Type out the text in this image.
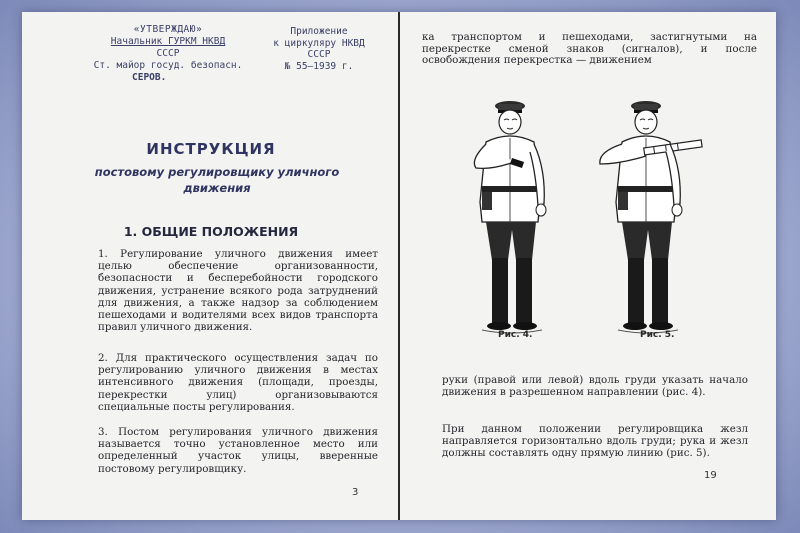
«УТВЕРЖДАЮ»
Начальник ГУРКМ НКВД
СССР
Ст. майор госуд. безопасн.
СЕРОВ.
Приложение
к циркуляру НКВД
СССР
№ 55—1939 г.
ИНСТРУКЦИЯ
постовому регулировщику уличного движения
1. ОБЩИЕ ПОЛОЖЕНИЯ

1. Регулирование уличного движения имеет целью обеспечение организованности, безопасности и бесперебойности городского движения, устранение всякого рода затруднений для движения, а также надзор за соблюдением пешеходами и водителями всех видов транспорта правил уличного движения.

2. Для практического осуществления задач по регулированию уличного движения в местах интенсивного движения (площади, проезды, перекрестки улиц) организовываются специальные посты регулирования.

3. Постом регулирования уличного движения называется точно установленное место или определенный участок улицы, вверенные постовому регулировщику.

3

ка транспортом и пешеходами, застигнутыми на перекрестке сменой знаков (сигналов), и после освобождения перекрестка — движением

Рис. 4.	Рис. 5.

руки (правой или левой) вдоль груди указать начало движения в разрешенном направлении (рис. 4).

При данном положении регулировщика жезл направляется горизонтально вдоль груди; рука и жезл должны составлять одну прямую линию (рис. 5).

19
